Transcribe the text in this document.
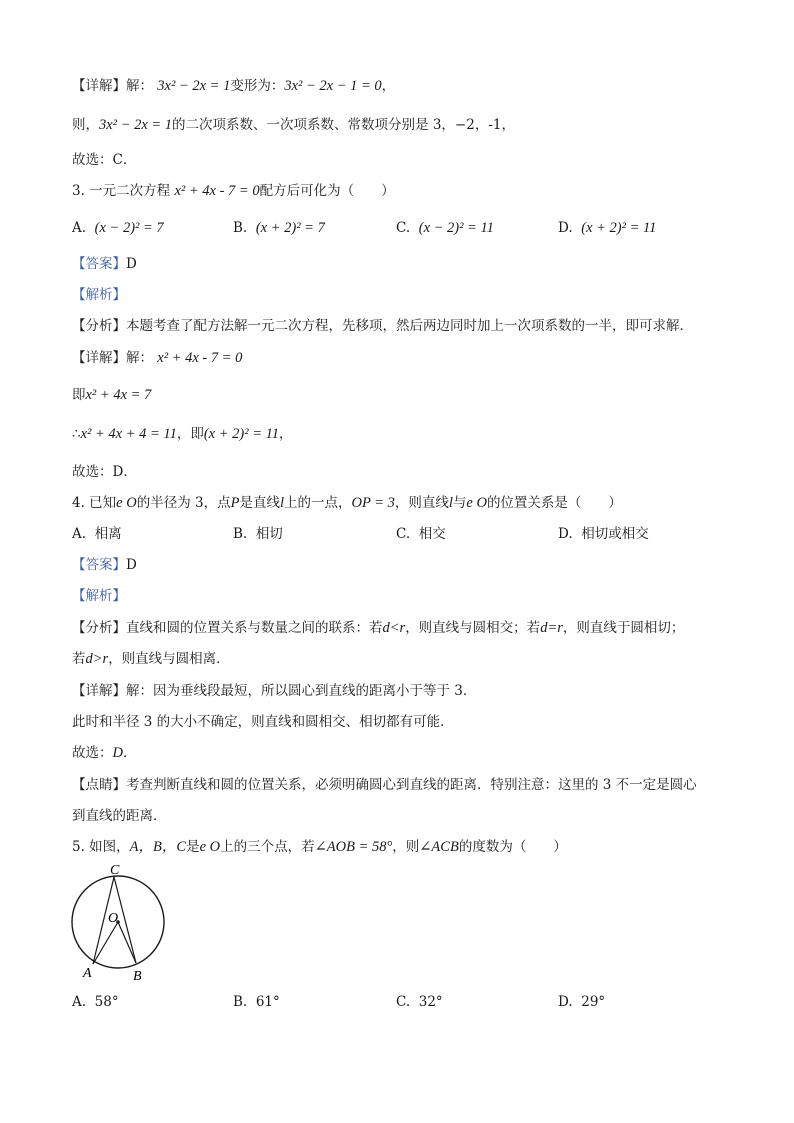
【详解】解： 3x² − 2x = 1变形为：3x² − 2x − 1 = 0，
则，3x² − 2x = 1的二次项系数、一次项系数、常数项分别是 3，−2，-1，
故选：C．
3. 一元二次方程 x² + 4x - 7 = 0配方后可化为（　　）
A. (x − 2)² = 7	B. (x + 2)² = 7	C. (x − 2)² = 11	D. (x + 2)² = 11
【答案】D
【解析】
【分析】本题考查了配方法解一元二次方程，先移项，然后两边同时加上一次项系数的一半，即可求解．
【详解】解： x² + 4x - 7 = 0
即x² + 4x = 7
∴x² + 4x + 4 = 11，即(x + 2)² = 11，
故选：D．
4. 已知e O的半径为 3，点P是直线l上的一点，OP = 3，则直线l与e O的位置关系是（　　）
A. 相离	B. 相切	C. 相交	D. 相切或相交
【答案】D
【解析】
【分析】直线和圆的位置关系与数量之间的联系：若d<r，则直线与圆相交；若d=r，则直线于圆相切；
若d>r，则直线与圆相离．
【详解】解：因为垂线段最短，所以圆心到直线的距离小于等于 3．
此时和半径 3 的大小不确定，则直线和圆相交、相切都有可能．
故选：D．
【点睛】考查判断直线和圆的位置关系，必须明确圆心到直线的距离．特别注意：这里的 3 不一定是圆心
到直线的距离．
5. 如图，A，B，C是e O上的三个点，若∠AOB = 58°，则∠ACB的度数为（　　）
C
O
A	B
A. 58°	B. 61°	C. 32°	D. 29°
